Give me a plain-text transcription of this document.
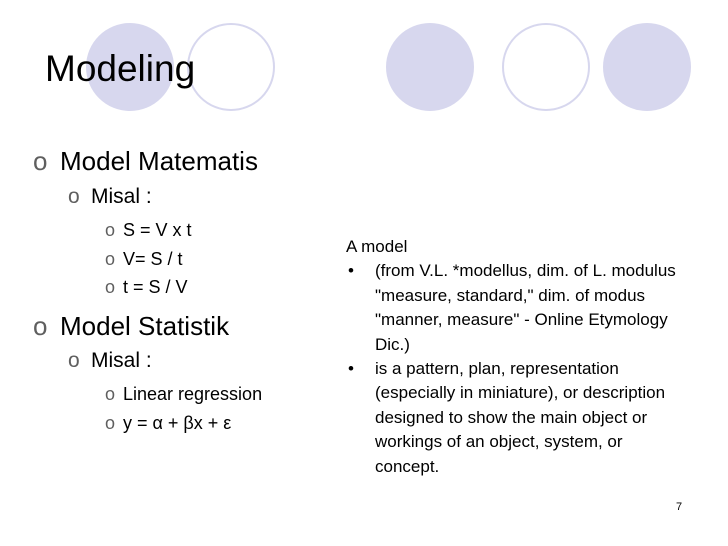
Modeling
o Model Matematis
o Misal :
o S = V x t
o V= S / t
o t = S / V
o Model Statistik
o Misal :
o Linear regression
o y = α + βx + ε
A model
•	(from V.L. *modellus, dim. of L. modulus "measure, standard," dim. of modus "manner, measure" - Online Etymology Dic.)
•	is a pattern, plan, representation (especially in miniature), or description designed to show the main object or workings of an object, system, or concept.
7
